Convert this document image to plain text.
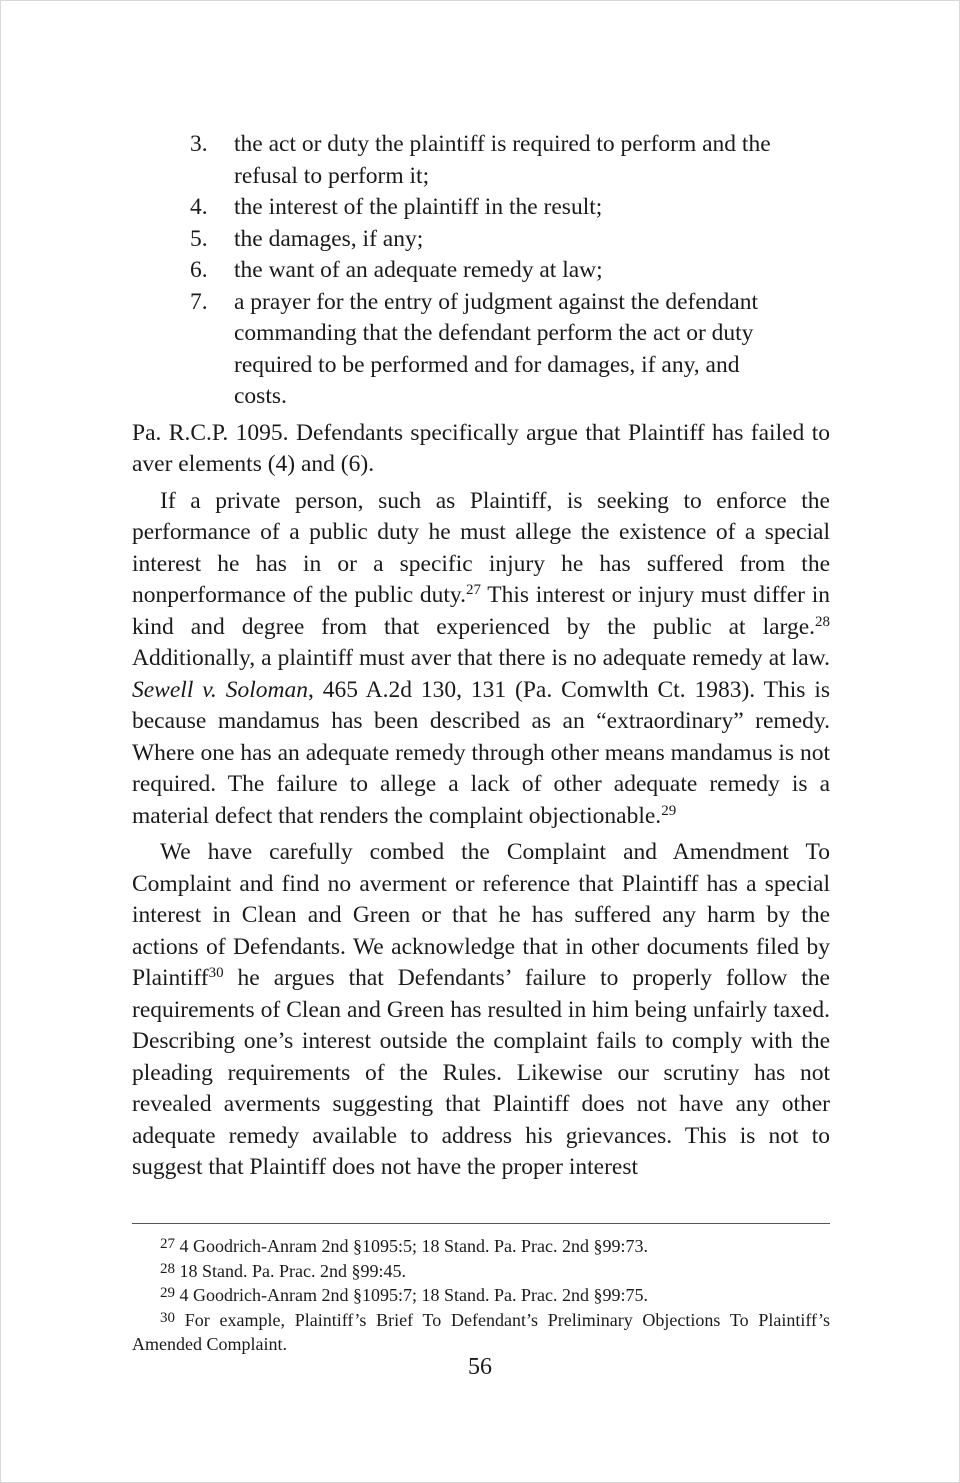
3.	the act or duty the plaintiff is required to perform and the refusal to perform it;
4.	the interest of the plaintiff in the result;
5.	the damages, if any;
6.	the want of an adequate remedy at law;
7.	a prayer for the entry of judgment against the defendant commanding that the defendant perform the act or duty required to be performed and for damages, if any, and costs.

Pa. R.C.P. 1095. Defendants specifically argue that Plaintiff has failed to aver elements (4) and (6).

If a private person, such as Plaintiff, is seeking to enforce the performance of a public duty he must allege the existence of a special interest he has in or a specific injury he has suffered from the nonperformance of the public duty.$^{27}$ This interest or injury must differ in kind and degree from that experienced by the public at large.$^{28}$ Additionally, a plaintiff must aver that there is no adequate remedy at law. Sewell v. Soloman, 465 A.2d 130, 131 (Pa. Comwlth Ct. 1983). This is because mandamus has been described as an “extraordinary” remedy. Where one has an adequate remedy through other means mandamus is not required. The failure to allege a lack of other adequate remedy is a material defect that renders the complaint objectionable.$^{29}$

We have carefully combed the Complaint and Amendment To Complaint and find no averment or reference that Plaintiff has a special interest in Clean and Green or that he has suffered any harm by the actions of Defendants. We acknowledge that in other documents filed by Plaintiff$^{30}$ he argues that Defendants’ failure to properly follow the requirements of Clean and Green has resulted in him being unfairly taxed. Describing one’s interest outside the complaint fails to comply with the pleading requirements of the Rules. Likewise our scrutiny has not revealed averments suggesting that Plaintiff does not have any other adequate remedy available to address his grievances. This is not to suggest that Plaintiff does not have the proper interest

$^{27}$ 4 Goodrich-Anram 2nd §1095:5; 18 Stand. Pa. Prac. 2nd §99:73.

$^{28}$ 18 Stand. Pa. Prac. 2nd §99:45.

$^{29}$ 4 Goodrich-Anram 2nd §1095:7; 18 Stand. Pa. Prac. 2nd §99:75.

$^{30}$ For example, Plaintiff’s Brief To Defendant’s Preliminary Objections To Plaintiff’s Amended Complaint.

56
